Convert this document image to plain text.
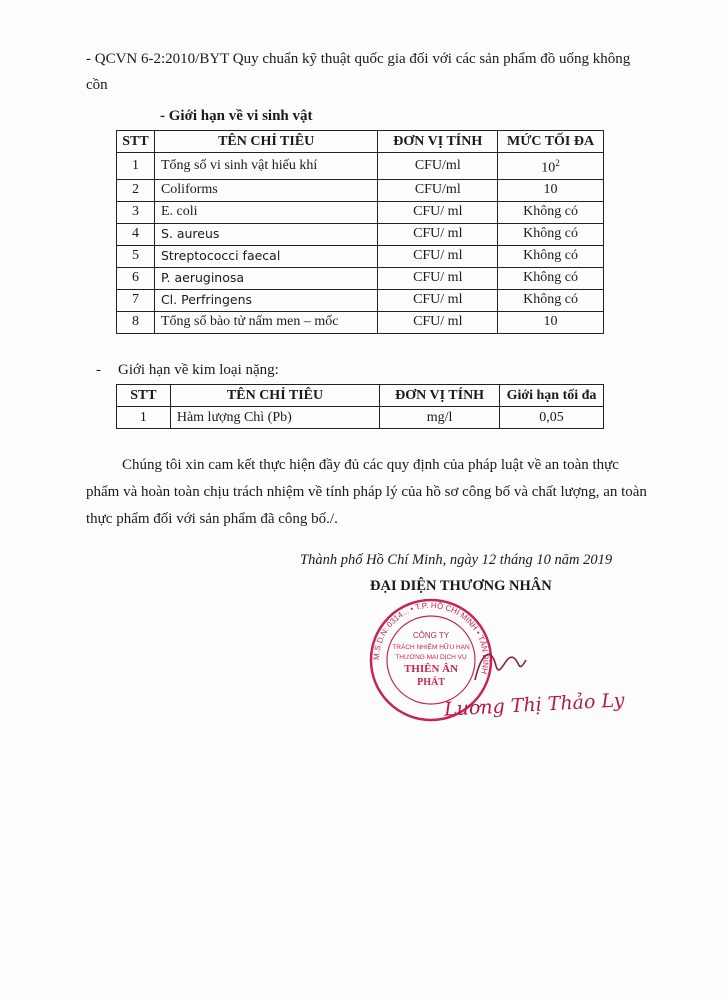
- QCVN 6-2:2010/BYT Quy chuẩn kỹ thuật quốc gia đối với các sản phẩm đồ uống không cồn
- Giới hạn về vi sinh vật
STT	TÊN CHỈ TIÊU	ĐƠN VỊ TÍNH	MỨC TỐI ĐA
1	Tổng số vi sinh vật hiếu khí	CFU/ml	$10^2$
2	Coliforms	CFU/ml	10
3	E. coli	CFU/ ml	Không có
4	S. aureus	CFU/ ml	Không có
5	Streptococci faecal	CFU/ ml	Không có
6	P. aeruginosa	CFU/ ml	Không có
7	Cl. Perfringens	CFU/ ml	Không có
8	Tổng số bào tử nấm men – mốc	CFU/ ml	10
- Giới hạn về kim loại nặng:
STT	TÊN CHỈ TIÊU	ĐƠN VỊ TÍNH	Giới hạn tối đa
1	Hàm lượng Chì (Pb)	mg/l	0,05
Chúng tôi xin cam kết thực hiện đầy đủ các quy định của pháp luật về an toàn thực phẩm và hoàn toàn chịu trách nhiệm về tính pháp lý của hồ sơ công bố và chất lượng, an toàn thực phẩm đối với sản phẩm đã công bố./.
Thành phố Hồ Chí Minh, ngày 12 tháng 10 năm 2019
ĐẠI DIỆN THƯƠNG NHÂN
M.S.D.N: 0314... • T.P. HỒ CHÍ MINH • TÂN BÌNH
CÔNG TY
TRÁCH NHIỆM HỮU HẠN
THƯƠNG MẠI DỊCH VỤ
THIÊN ÂN
PHÁT
Lương Thị Thảo Ly
